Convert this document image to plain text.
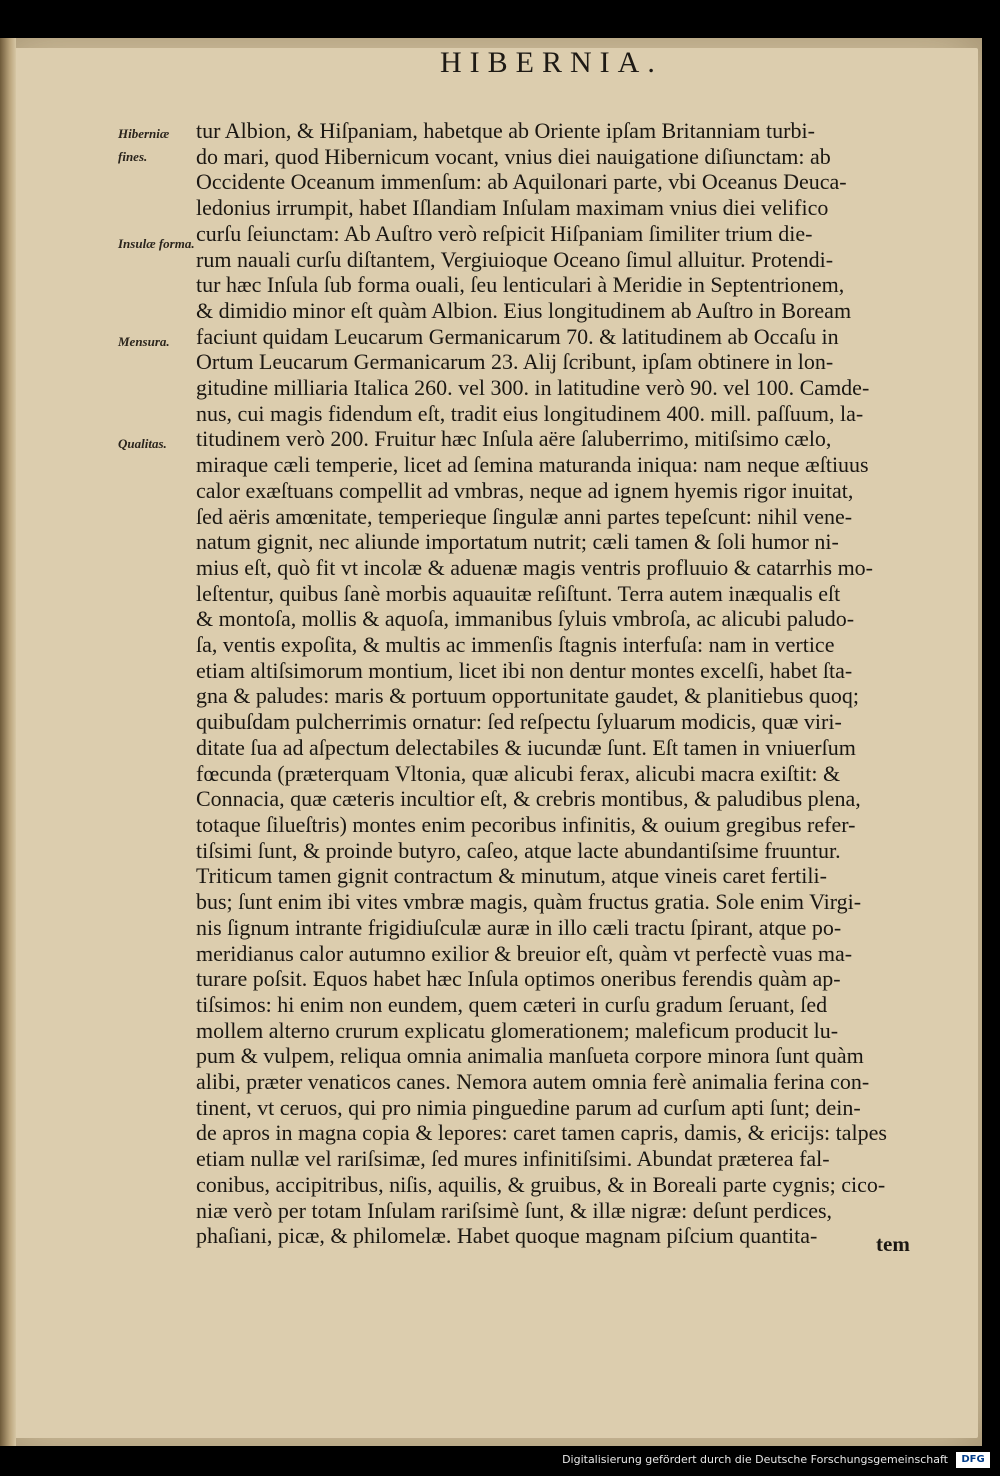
HIBERNIA.
Hiberniæ fines.
Insulæ forma.
Mensura.
Qualitas.
tur Albion, & Hiſpaniam, habetque ab Oriente ipſam Britanniam turbi-
do mari, quod Hibernicum vocant, vnius diei nauigatione diſiunctam: ab
Occidente Oceanum immenſum: ab Aquilonari parte, vbi Oceanus Deuca-
ledonius irrumpit, habet Iſlandiam Inſulam maximam vnius diei velifico
curſu ſeiunctam: Ab Auſtro verò reſpicit Hiſpaniam ſimiliter trium die-
rum nauali curſu diſtantem, Vergiuioque Oceano ſimul alluitur. Protendi-
tur hæc Inſula ſub forma ouali, ſeu lenticulari à Meridie in Septentrionem,
& dimidio minor eſt quàm Albion. Eius longitudinem ab Auſtro in Boream
faciunt quidam Leucarum Germanicarum 70. & latitudinem ab Occaſu in
Ortum Leucarum Germanicarum 23. Alij ſcribunt, ipſam obtinere in lon-
gitudine milliaria Italica 260. vel 300. in latitudine verò 90. vel 100. Camde-
nus, cui magis fidendum eſt, tradit eius longitudinem 400. mill. paſſuum, la-
titudinem verò 200. Fruitur hæc Inſula aëre ſaluberrimo, mitiſsimo cælo,
miraque cæli temperie, licet ad ſemina maturanda iniqua: nam neque æſtiuus
calor exæſtuans compellit ad vmbras, neque ad ignem hyemis rigor inuitat,
ſed aëris amœnitate, temperieque ſingulæ anni partes tepeſcunt: nihil vene-
natum gignit, nec aliunde importatum nutrit; cæli tamen & ſoli humor ni-
mius eſt, quò fit vt incolæ & aduenæ magis ventris profluuio & catarrhis mo-
leſtentur, quibus ſanè morbis aquauitæ reſiſtunt. Terra autem inæqualis eſt
& montoſa, mollis & aquoſa, immanibus ſyluis vmbroſa, ac alicubi paludo-
ſa, ventis expoſita, & multis ac immenſis ſtagnis interfuſa: nam in vertice
etiam altiſsimorum montium, licet ibi non dentur montes excelſi, habet ſta-
gna & paludes: maris & portuum opportunitate gaudet, & planitiebus quoq;
quibuſdam pulcherrimis ornatur: ſed reſpectu ſyluarum modicis, quæ viri-
ditate ſua ad aſpectum delectabiles & iucundæ ſunt. Eſt tamen in vniuerſum
fœcunda (præterquam Vltonia, quæ alicubi ferax, alicubi macra exiſtit: &
Connacia, quæ cæteris incultior eſt, & crebris montibus, & paludibus plena,
totaque ſilueſtris) montes enim pecoribus infinitis, & ouium gregibus refer-
tiſsimi ſunt, & proinde butyro, caſeo, atque lacte abundantiſsime fruuntur.
Triticum tamen gignit contractum & minutum, atque vineis caret fertili-
bus; ſunt enim ibi vites vmbræ magis, quàm fructus gratia. Sole enim Virgi-
nis ſignum intrante frigidiuſculæ auræ in illo cæli tractu ſpirant, atque po-
meridianus calor autumno exilior & breuior eſt, quàm vt perfectè vuas ma-
turare poſsit. Equos habet hæc Inſula optimos oneribus ferendis quàm ap-
tiſsimos: hi enim non eundem, quem cæteri in curſu gradum ſeruant, ſed
mollem alterno crurum explicatu glomerationem; maleficum producit lu-
pum & vulpem, reliqua omnia animalia manſueta corpore minora ſunt quàm
alibi, præter venaticos canes. Nemora autem omnia ferè animalia ferina con-
tinent, vt ceruos, qui pro nimia pinguedine parum ad curſum apti ſunt; dein-
de apros in magna copia & lepores: caret tamen capris, damis, & ericijs: talpes
etiam nullæ vel rariſsimæ, ſed mures infinitiſsimi. Abundat præterea fal-
conibus, accipitribus, niſis, aquilis, & gruibus, & in Boreali parte cygnis; cico-
niæ verò per totam Inſulam rariſsimè ſunt, & illæ nigræ: deſunt perdices,
phaſiani, picæ, & philomelæ. Habet quoque magnam piſcium quantita-	tem
Digitalisierung gefördert durch die Deutsche Forschungsgemeinschaft	DFG
